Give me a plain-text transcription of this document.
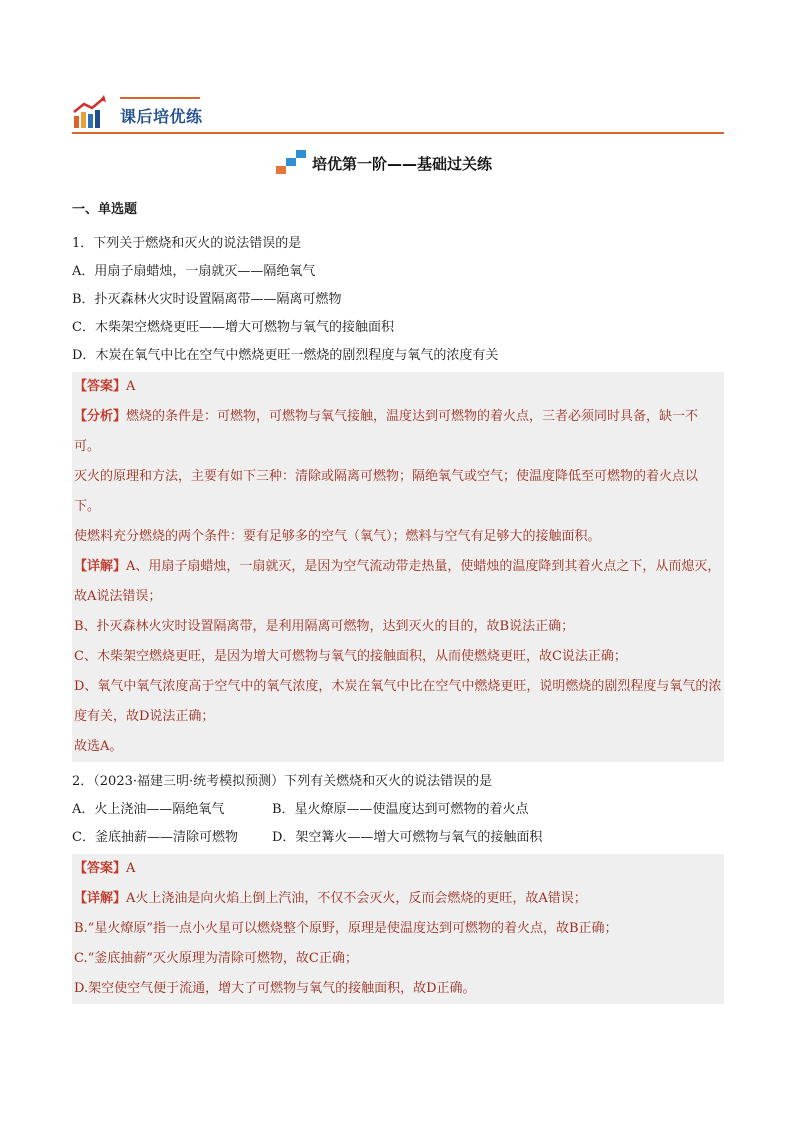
课后培优练
培优第一阶——基础过关练
一、单选题
1．下列关于燃烧和灭火的说法错误的是
A．用扇子扇蜡烛，一扇就灭——隔绝氧气
B．扑灭森林火灾时设置隔离带——隔离可燃物
C．木柴架空燃烧更旺——增大可燃物与氧气的接触面积
D．木炭在氧气中比在空气中燃烧更旺一燃烧的剧烈程度与氧气的浓度有关
【答案】A
【分析】燃烧的条件是：可燃物，可燃物与氧气接触，温度达到可燃物的着火点，三者必须同时具备，缺一不可。
灭火的原理和方法，主要有如下三种：清除或隔离可燃物；隔绝氧气或空气；使温度降低至可燃物的着火点以下。
使燃料充分燃烧的两个条件：要有足够多的空气（氧气）；燃料与空气有足够大的接触面积。
【详解】A、用扇子扇蜡烛，一扇就灭，是因为空气流动带走热量，使蜡烛的温度降到其着火点之下，从而熄灭，故A说法错误；
B、扑灭森林火灾时设置隔离带，是利用隔离可燃物，达到灭火的目的，故B说法正确；
C、木柴架空燃烧更旺，是因为增大可燃物与氧气的接触面积，从而使燃烧更旺，故C说法正确；
D、氧气中氧气浓度高于空气中的氧气浓度，木炭在氧气中比在空气中燃烧更旺，说明燃烧的剧烈程度与氧气的浓度有关，故D说法正确；
故选A。
2．（2023·福建三明·统考模拟预测）下列有关燃烧和灭火的说法错误的是
A．火上浇油——隔绝氧气	B．星火燎原——使温度达到可燃物的着火点
C．釜底抽薪——清除可燃物	D．架空篝火——增大可燃物与氧气的接触面积
【答案】A
【详解】A火上浇油是向火焰上倒上汽油，不仅不会灭火，反而会燃烧的更旺，故A错误；
B.“星火燎原”指一点小火星可以燃烧整个原野，原理是使温度达到可燃物的着火点，故B正确；
C.“釜底抽薪”灭火原理为清除可燃物，故C正确；
D.架空使空气便于流通，增大了可燃物与氧气的接触面积，故D正确。
